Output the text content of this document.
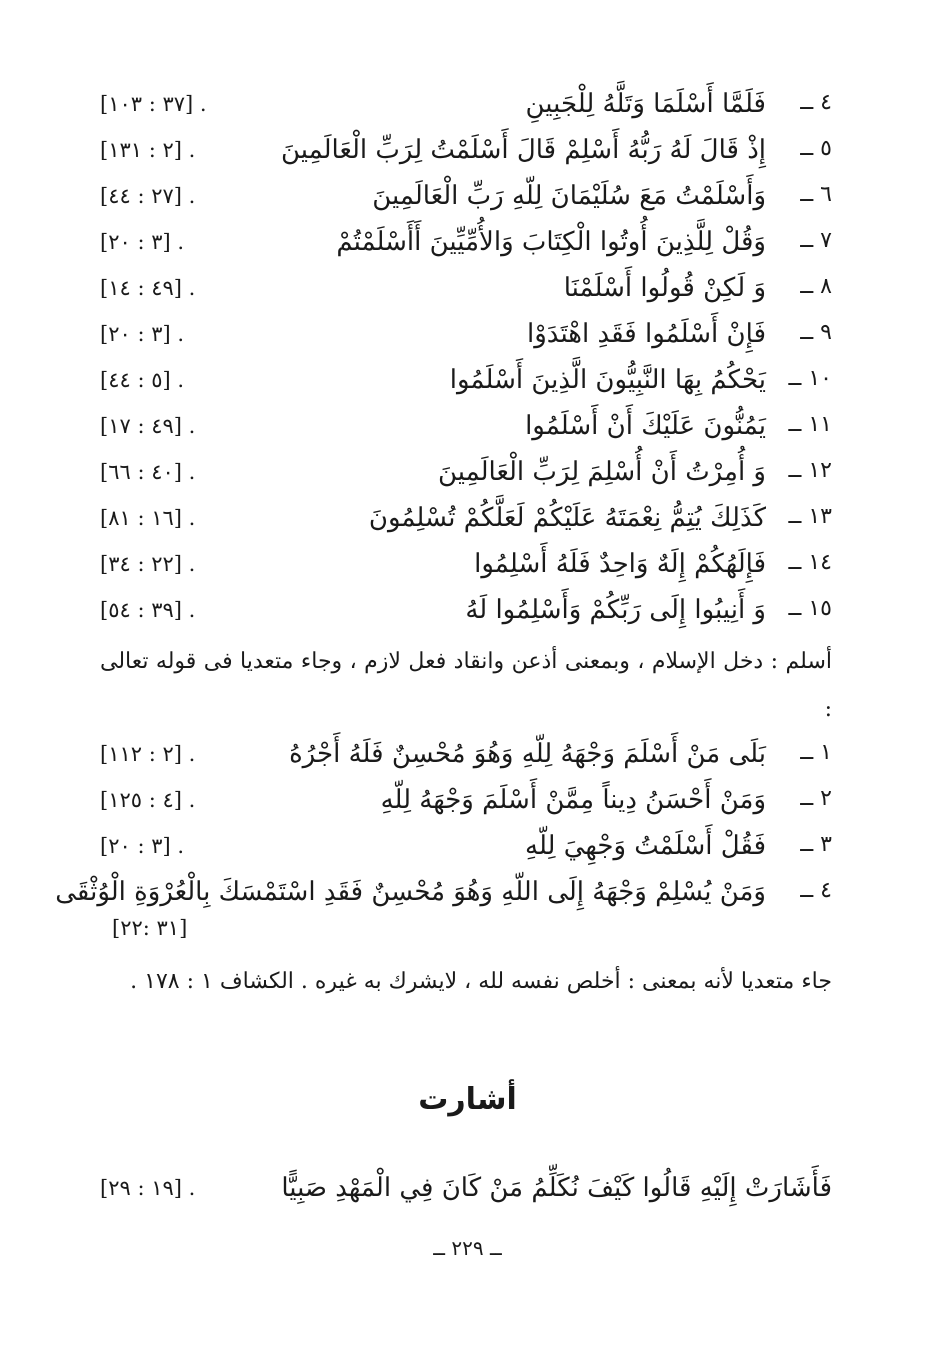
٤ ــ
فَلَمَّا أَسْلَمَا وَتَلَّهُ لِلْجَبِينِ
[٣٧ : ١٠٣] .
٥ ــ
إِذْ قَالَ لَهُ رَبُّهُ أَسْلِمْ قَالَ أَسْلَمْتُ لِرَبِّ الْعَالَمِينَ
[٢ : ١٣١] .
٦ ــ
وَأَسْلَمْتُ مَعَ سُلَيْمَانَ لِلّهِ رَبِّ الْعَالَمِينَ
[٢٧ : ٤٤] .
٧ ــ
وَقُلْ لِلَّذِينَ أُوتُوا الْكِتَابَ وَالأُمِّيِّينَ أَأَسْلَمْتُمْ
[٣ : ٢٠] .
٨ ــ
وَ لَكِنْ قُولُوا أَسْلَمْنَا
[٤٩ : ١٤] .
٩ ــ
فَإِنْ أَسْلَمُوا فَقَدِ اهْتَدَوْا
[٣ : ٢٠] .
١٠ ــ
يَحْكُمُ بِهَا النَّبِيُّونَ الَّذِينَ أَسْلَمُوا
[٥ : ٤٤] .
١١ ــ
يَمُنُّونَ عَلَيْكَ أَنْ أَسْلَمُوا
[٤٩ : ١٧] .
١٢ ــ
وَ أُمِرْتُ أَنْ أُسْلِمَ لِرَبِّ الْعَالَمِينَ
[٤٠ : ٦٦] .
١٣ ــ
كَذَلِكَ يُتِمُّ نِعْمَتَهُ عَلَيْكُمْ لَعَلَّكُمْ تُسْلِمُونَ
[١٦ : ٨١] .
١٤ ــ
فَإِلَهُكُمْ إِلَهٌ وَاحِدٌ فَلَهُ أَسْلِمُوا
[٢٢ : ٣٤] .
١٥ ــ
وَ أَنِيبُوا إِلَى رَبِّكُمْ وَأَسْلِمُوا لَهُ
[٣٩ : ٥٤] .
أسلم : دخل الإسلام ، وبمعنى أذعن وانقاد فعل لازم ، وجاء متعديا فى قوله تعالى :
١ ــ
بَلَى مَنْ أَسْلَمَ وَجْهَهُ لِلّهِ وَهُوَ مُحْسِنٌ فَلَهُ أَجْرُهُ
[٢ : ١١٢] .
٢ ــ
وَمَنْ أَحْسَنُ دِيناً مِمَّنْ أَسْلَمَ وَجْهَهُ لِلّهِ
[٤ : ١٢٥] .
٣ ــ
فَقُلْ أَسْلَمْتُ وَجْهِيَ لِلّهِ
[٣ : ٢٠] .
٤ ــ
وَمَنْ يُسْلِمْ وَجْهَهُ إِلَى اللّهِ وَهُوَ مُحْسِنٌ فَقَدِ اسْتَمْسَكَ بِالْعُرْوَةِ الْوُثْقَى
[٣١ :٢٢]
جاء متعديا لأنه بمعنى : أخلص نفسه لله ، لايشرك به غيره . الكشاف ١ : ١٧٨ .
أشارت
فَأَشَارَتْ إِلَيْهِ قَالُوا كَيْفَ نُكَلِّمُ مَنْ كَانَ فِي الْمَهْدِ صَبِيًّا
[١٩ : ٢٩] .
ــ ٢٢٩ ــ
